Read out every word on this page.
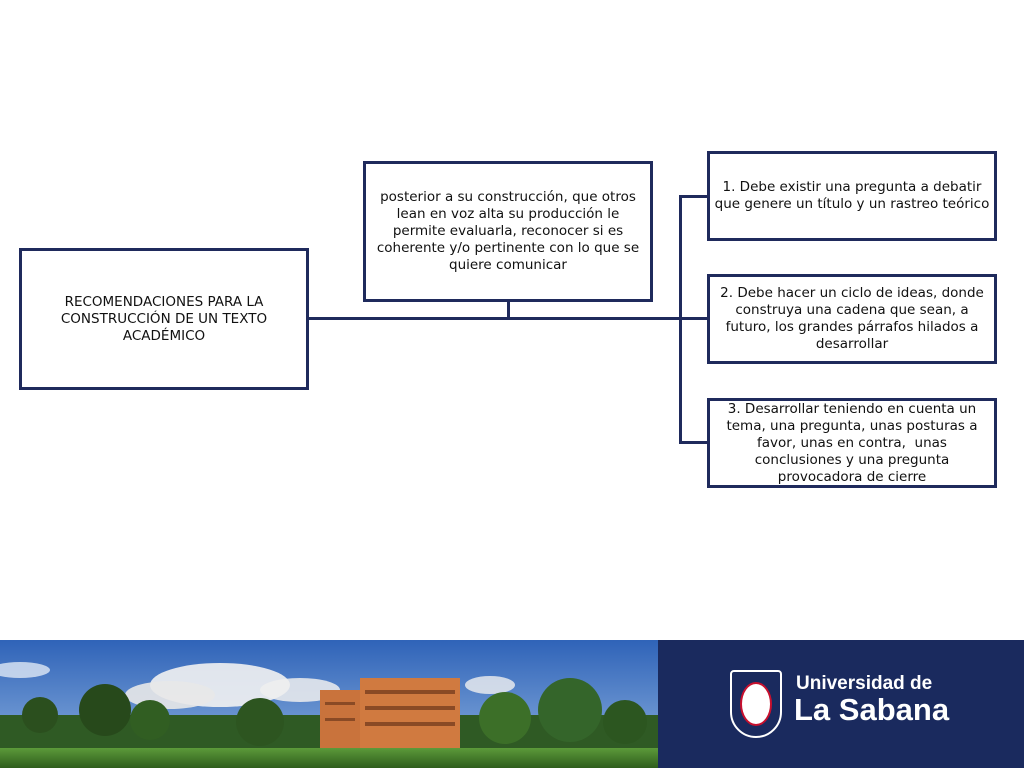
RECOMENDACIONES PARA LA CONSTRUCCIÓN DE UN TEXTO ACADÉMICO
posterior a su construcción, que otros lean en voz alta su producción le permite evaluarla, reconocer si es coherente y/o pertinente con lo que se quiere comunicar
1. Debe existir una pregunta a debatir que genere un título y un rastreo teórico
2. Debe hacer un ciclo de ideas, donde construya una cadena que sean, a futuro, los grandes párrafos hilados a desarrollar
3. Desarrollar teniendo en cuenta un tema, una pregunta, unas posturas a favor, unas en contra,  unas conclusiones y una pregunta provocadora de cierre
Universidad de
La Sabana
